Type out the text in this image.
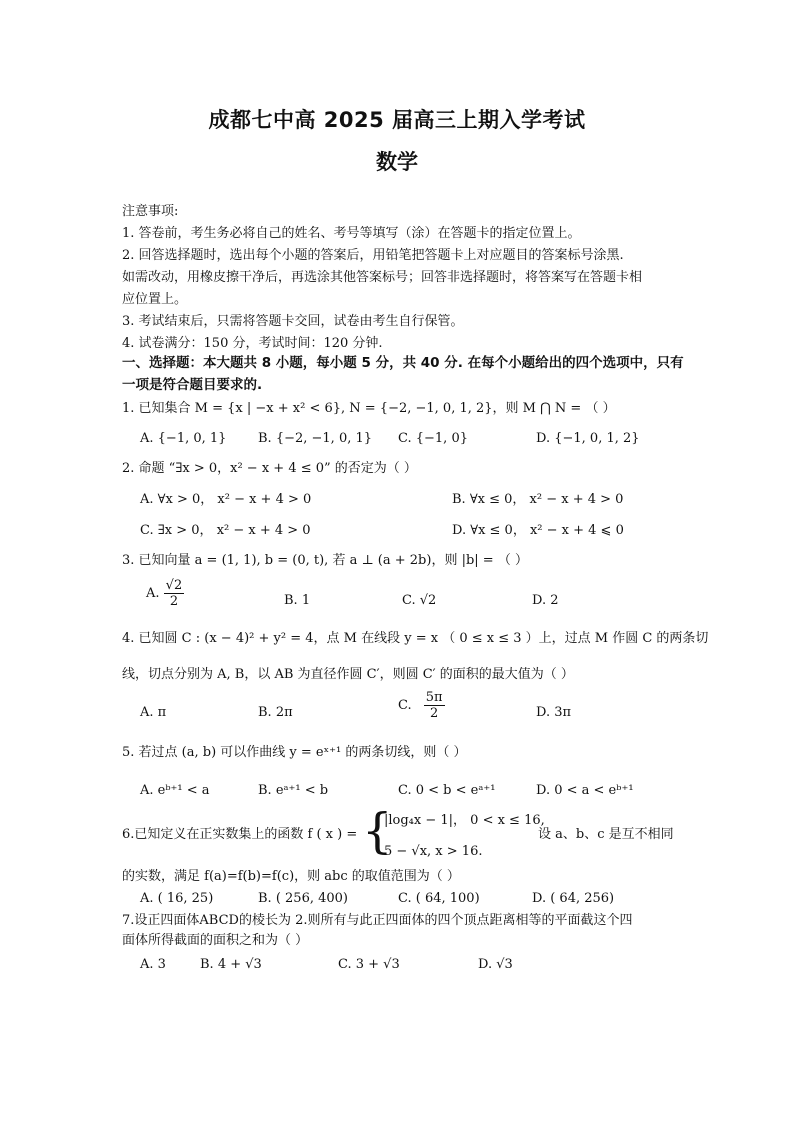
成都七中高 2025 届高三上期入学考试
数学
注意事项:
1. 答卷前，考生务必将自己的姓名、考号等填写（涂）在答题卡的指定位置上。
2. 回答选择题时，选出每个小题的答案后，用铅笔把答题卡上对应题目的答案标号涂黑.
如需改动，用橡皮擦干净后，再选涂其他答案标号；回答非选择题时，将答案写在答题卡相
应位置上。
3. 考试结束后，只需将答题卡交回，试卷由考生自行保管。
4. 试卷满分：150 分，考试时间：120 分钟.
一、选择题：本大题共 8 小题，每小题 5 分，共 40 分. 在每个小题给出的四个选项中，只有
一项是符合题目要求的.
1. 已知集合 M = {x | −x + x² < 6}, N = {−2, −1, 0, 1, 2}，则 M ⋂ N = （ ）
A. {−1, 0, 1} B. {−2, −1, 0, 1} C. {−1, 0}	D. {−1, 0, 1, 2}
2. 命题 “∃x > 0，x² − x + 4 ≤ 0” 的否定为（ ）
A. ∀x > 0， x² − x + 4 > 0	B. ∀x ≤ 0， x² − x + 4 > 0
C. ∃x > 0， x² − x + 4 > 0	D. ∀x ≤ 0， x² − x + 4 ⩽ 0
3. 已知向量 a = (1, 1), b = (0, t), 若 a ⊥ (a + 2b)，则 |b| = （ ）
A. $\frac{√2}{2}$	B. 1	C. √2	D. 2
4. 已知圆 C : (x − 4)² + y² = 4，点 M 在线段 y = x （ 0 ≤ x ≤ 3 ）上，过点 M 作圆 C 的两条切
线，切点分别为 A, B，以 AB 为直径作圆 C′，则圆 C′ 的面积的最大值为（ ）
A. π	B. 2π	C. $\frac{5\pi}{2}$	D. 3π
5. 若过点 (a, b) 可以作曲线 y = eˣ⁺¹ 的两条切线，则（ ）
A. eᵇ⁺¹ < a	B. eᵃ⁺¹ < b	C. 0 < b < eᵃ⁺¹	D. 0 < a < eᵇ⁺¹
6.已知定义在正实数集上的函数 f ( x ) = {
|log₄x − 1|， 0 < x ≤ 16,
5 − √x, x > 16.
设 a、b、c 是互不相同
的实数，满足 f(a)=f(b)=f(c)，则 abc 的取值范围为（ ）
A. ( 16, 25)	B. ( 256, 400)	C. ( 64, 100)	D. ( 64, 256)
7.设正四面体ABCD的棱长为 2.则所有与此正四面体的四个顶点距离相等的平面截这个四
面体所得截面的面积之和为（ ）
A. 3	B. 4 + √3	C. 3 + √3	D. √3
